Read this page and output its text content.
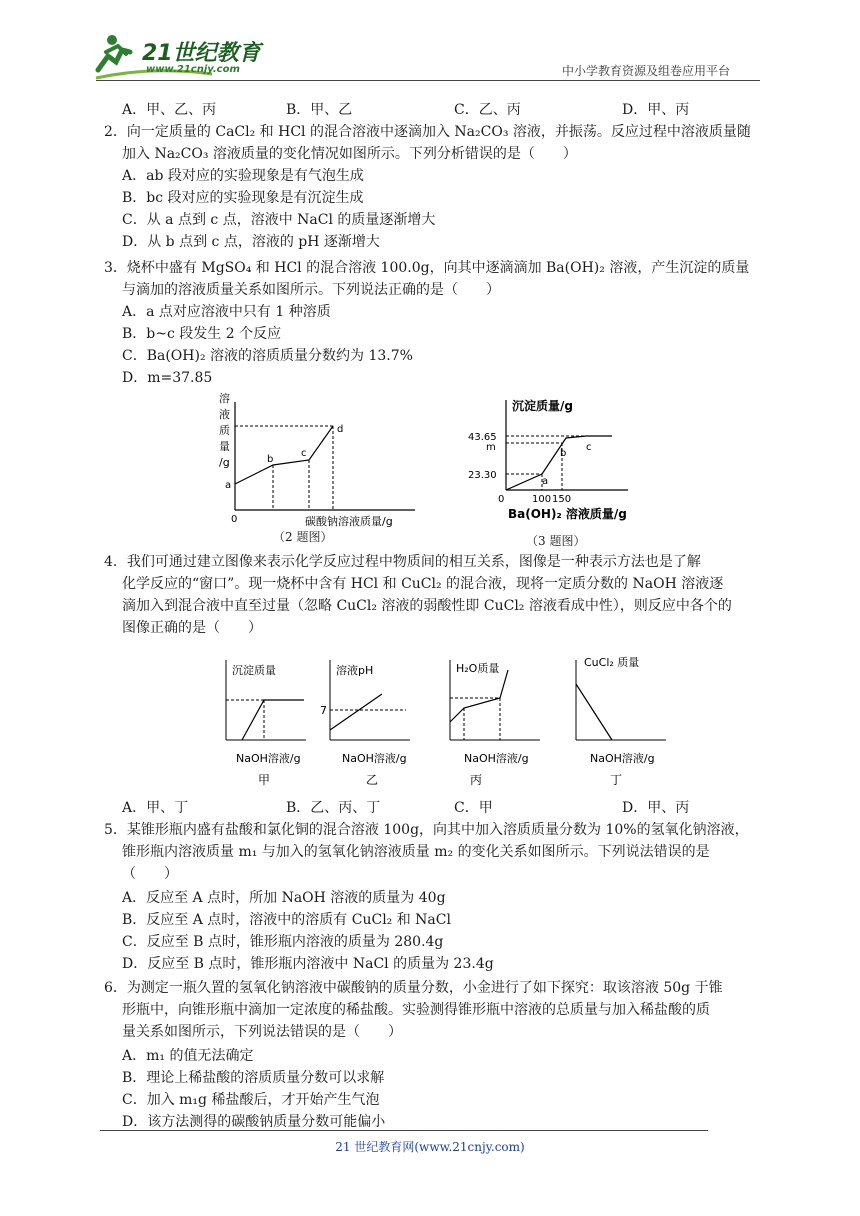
21世纪教育
www.21cnjy.com	中小学教育资源及组卷应用平台
A．甲、乙、丙	B．甲、乙	C．乙、丙	D．甲、丙
2．向一定质量的 CaCl₂ 和 HCl 的混合溶液中逐滴加入 Na₂CO₃ 溶液，并振荡。反应过程中溶液质量随
加入 Na₂CO₃ 溶液质量的变化情况如图所示。下列分析错误的是（　　）
A．ab 段对应的实验现象是有气泡生成
B．bc 段对应的实验现象是有沉淀生成
C．从 a 点到 c 点，溶液中 NaCl 的质量逐渐增大
D．从 b 点到 c 点，溶液的 pH 逐渐增大
3．烧杯中盛有 MgSO₄ 和 HCl 的混合溶液 100.0g，向其中逐滴滴加 Ba(OH)₂ 溶液，产生沉淀的质量
与滴加的溶液质量关系如图所示。下列说法正确的是（　　）
A．a 点对应溶液中只有 1 种溶质
B．b~c 段发生 2 个反应
C．Ba(OH)₂ 溶液的溶质质量分数约为 13.7%
D．m=37.85
溶
液
质
量
/g
a
b
c
d
0	碳酸钠溶液质量/g
（2 题图）
沉淀质量/g
43.65
m
23.30
a
b
c
0	100 150
Ba(OH)₂ 溶液质量/g
（3 题图）
4．我们可通过建立图像来表示化学反应过程中物质间的相互关系，图像是一种表示方法也是了解
化学反应的“窗口”。现一烧杯中含有 HCl 和 CuCl₂ 的混合液，现将一定质分数的 NaOH 溶液逐
滴加入到混合液中直至过量（忽略 CuCl₂ 溶液的弱酸性即 CuCl₂ 溶液看成中性），则反应中各个的
图像正确的是（　　）
沉淀质量
NaOH溶液/g
甲
7
溶液pH
NaOH溶液/g
乙
H₂O质量
NaOH溶液/g
丙
CuCl₂ 质量
NaOH溶液/g
丁
A．甲、丁	B．乙、丙、丁	C．甲	D．甲、丙
5．某锥形瓶内盛有盐酸和氯化铜的混合溶液 100g，向其中加入溶质质量分数为 10%的氢氧化钠溶液，
锥形瓶内溶液质量 m₁ 与加入的氢氧化钠溶液质量 m₂ 的变化关系如图所示。下列说法错误的是
（　　）
A．反应至 A 点时，所加 NaOH 溶液的质量为 40g
B．反应至 A 点时，溶液中的溶质有 CuCl₂ 和 NaCl
C．反应至 B 点时，锥形瓶内溶液的质量为 280.4g
D．反应至 B 点时，锥形瓶内溶液中 NaCl 的质量为 23.4g
6．为测定一瓶久置的氢氧化钠溶液中碳酸钠的质量分数，小金进行了如下探究：取该溶液 50g 于锥
形瓶中，向锥形瓶中滴加一定浓度的稀盐酸。实验测得锥形瓶中溶液的总质量与加入稀盐酸的质
量关系如图所示，下列说法错误的是（　　）
A．m₁ 的值无法确定
B．理论上稀盐酸的溶质质量分数可以求解
C．加入 m₁g 稀盐酸后，才开始产生气泡
D．该方法测得的碳酸钠质量分数可能偏小
21 世纪教育网(www.21cnjy.com)
